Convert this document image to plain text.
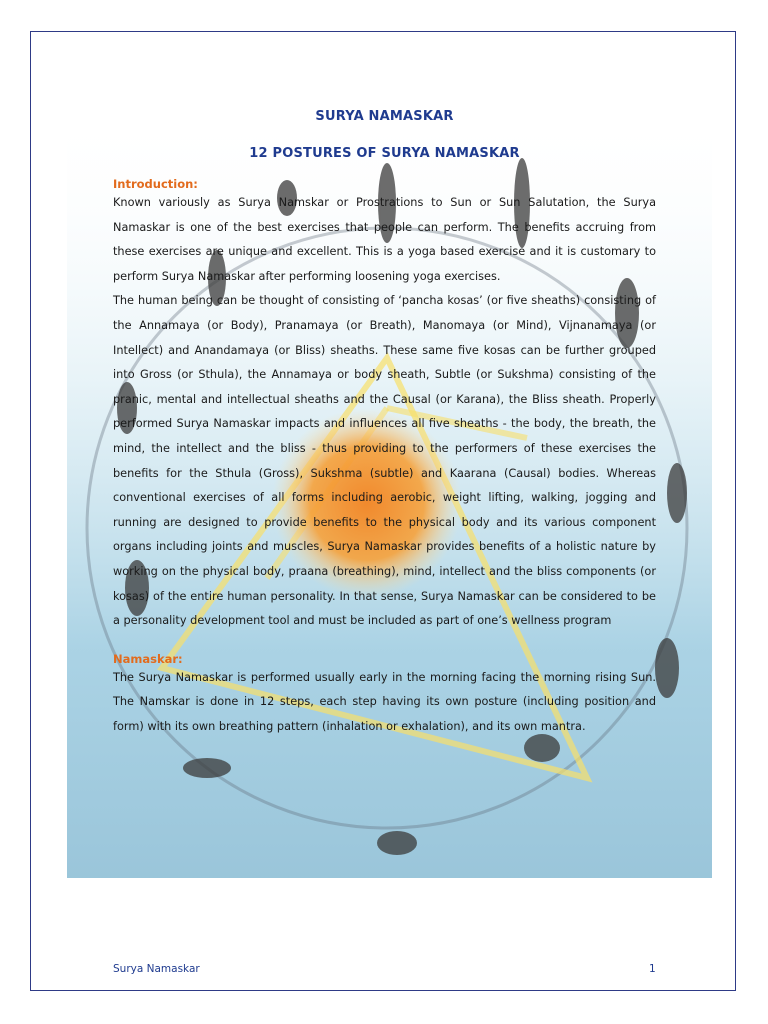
SURYA NAMASKAR
12 POSTURES OF SURYA NAMASKAR
Introduction:

Known variously as Surya Namskar or Prostrations to Sun or Sun Salutation, the Surya Namaskar is one of the best exercises that people can perform. The benefits accruing from these exercises are unique and excellent. This is a yoga based exercise and it is customary to perform Surya Namaskar after performing loosening yoga exercises.

The human being can be thought of consisting of ‘pancha kosas’ (or five sheaths) consisting of the Annamaya (or Body), Pranamaya (or Breath), Manomaya (or Mind), Vijnanamaya (or Intellect) and Anandamaya (or Bliss) sheaths. These same five kosas can be further grouped into Gross (or Sthula), the Annamaya or body sheath, Subtle (or Sukshma) consisting of the pranic, mental and intellectual sheaths and the Causal (or Karana), the Bliss sheath. Properly performed Surya Namaskar impacts and influences all five sheaths - the body, the breath, the mind, the intellect and the bliss - thus providing to the performers of these exercises the benefits for the Sthula (Gross), Sukshma (subtle) and Kaarana (Causal) bodies. Whereas conventional exercises of all forms including aerobic, weight lifting, walking, jogging and running are designed to provide benefits to the physical body and its various component organs including joints and muscles, Surya Namaskar provides benefits of a holistic nature by working on the physical body, praana (breathing), mind, intellect and the bliss components (or kosas) of the entire human personality. In that sense, Surya Namaskar can be considered to be a personality development tool and must be included as part of one’s wellness program

Namaskar:

The Surya Namaskar is performed usually early in the morning facing the morning rising Sun. The Namskar is done in 12 steps, each step having its own posture (including position and form) with its own breathing pattern (inhalation or exhalation), and its own mantra.

Surya Namaskar	1
